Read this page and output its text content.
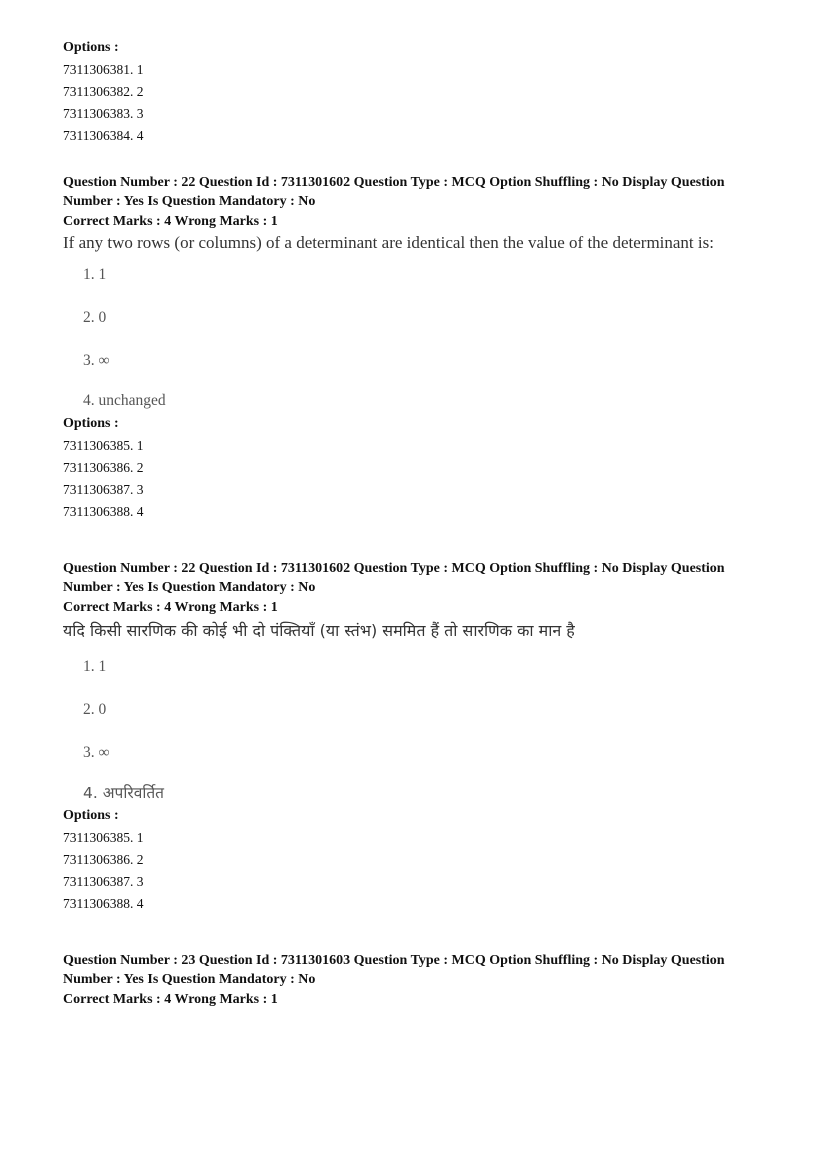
Options :
7311306381. 1
7311306382. 2
7311306383. 3
7311306384. 4
Question Number : 22 Question Id : 7311301602 Question Type : MCQ Option Shuffling : No Display Question
Number : Yes Is Question Mandatory : No
Correct Marks : 4 Wrong Marks : 1
If any two rows (or columns) of a determinant are identical then the value of the determinant is:
1. 1
2. 0
3. ∞
4. unchanged
Options :
7311306385. 1
7311306386. 2
7311306387. 3
7311306388. 4
Question Number : 22 Question Id : 7311301602 Question Type : MCQ Option Shuffling : No Display Question
Number : Yes Is Question Mandatory : No
Correct Marks : 4 Wrong Marks : 1
यदि किसी सारणिक की कोई भी दो पंक्तियाँ (या स्तंभ) सममित हैं तो सारणिक का मान है
1. 1
2. 0
3. ∞
4. अपरिवर्तित
Options :
7311306385. 1
7311306386. 2
7311306387. 3
7311306388. 4
Question Number : 23 Question Id : 7311301603 Question Type : MCQ Option Shuffling : No Display Question
Number : Yes Is Question Mandatory : No
Correct Marks : 4 Wrong Marks : 1
